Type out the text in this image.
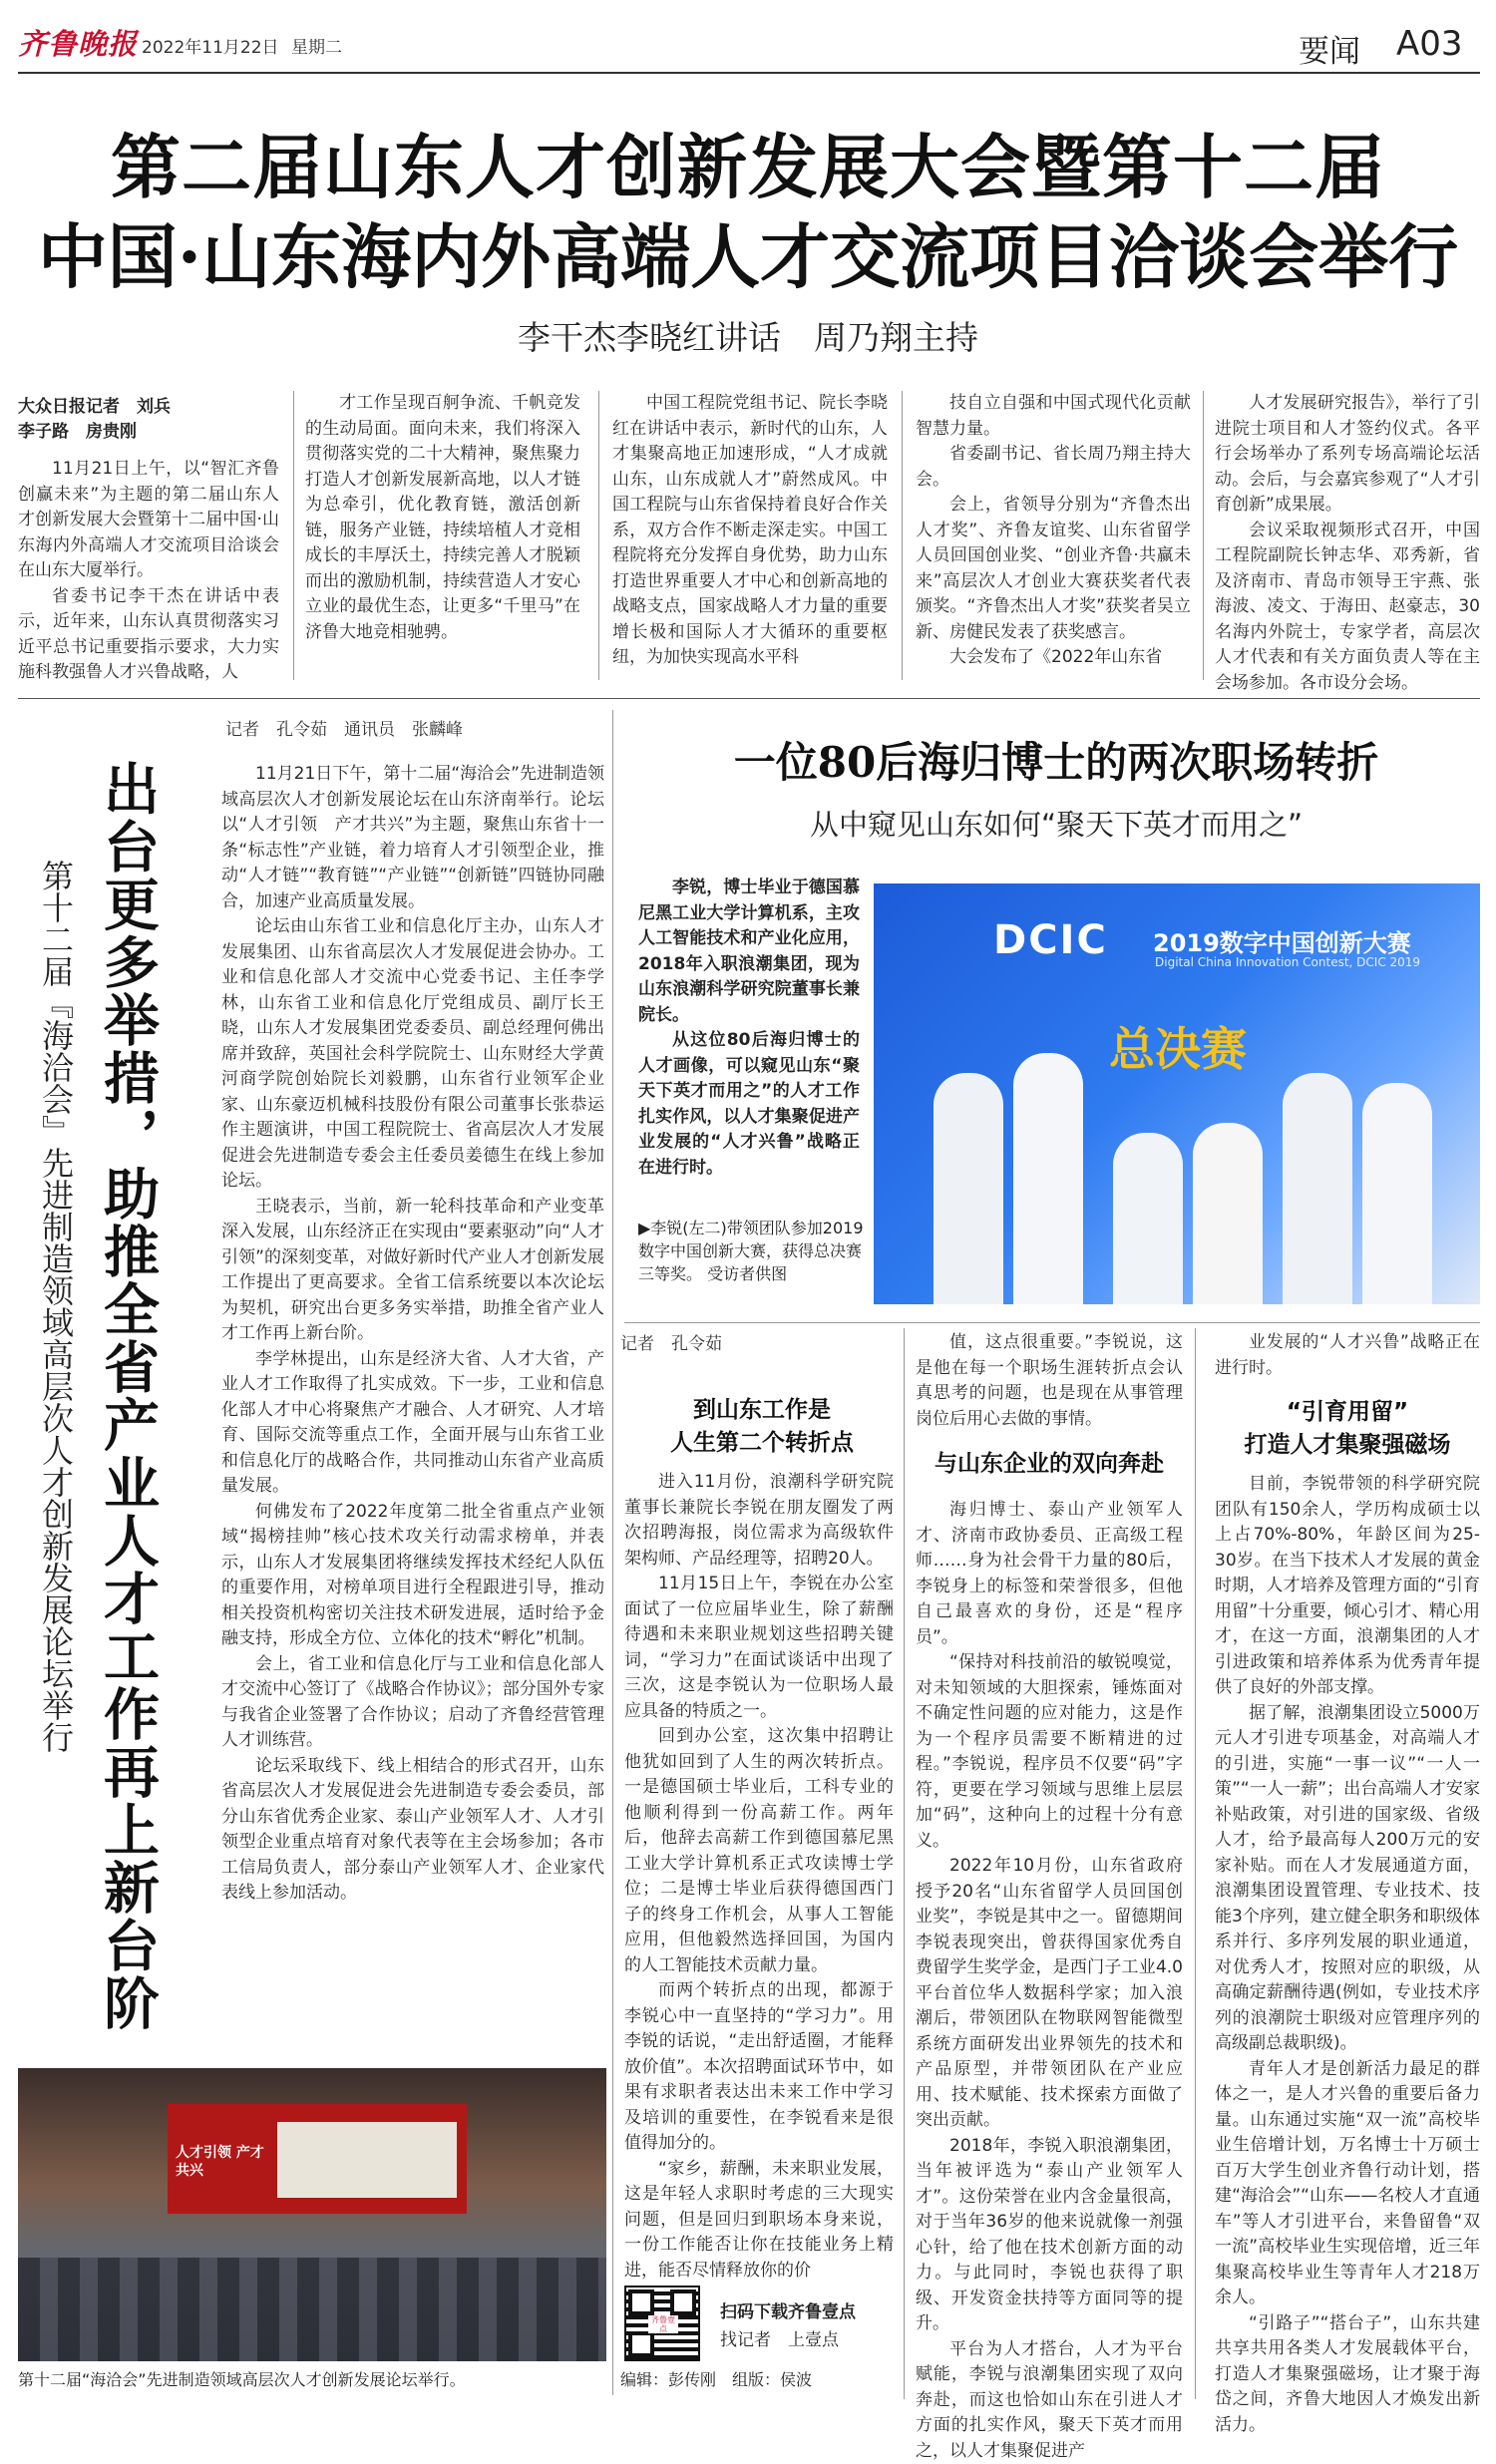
齐鲁晚报 2022年11月22日 星期二	要闻 A03
第二届山东人才创新发展大会暨第十二届
中国·山东海内外高端人才交流项目洽谈会举行
李干杰李晓红讲话　周乃翔主持
大众日报记者　刘兵
李子路　房贵刚

11月21日上午，以“智汇齐鲁 创赢未来”为主题的第二届山东人才创新发展大会暨第十二届中国·山东海内外高端人才交流项目洽谈会在山东大厦举行。

省委书记李干杰在讲话中表示，近年来，山东认真贯彻落实习近平总书记重要指示要求，大力实施科教强鲁人才兴鲁战略，人

才工作呈现百舸争流、千帆竞发的生动局面。面向未来，我们将深入贯彻落实党的二十大精神，聚焦聚力打造人才创新发展新高地，以人才链为总牵引，优化教育链，激活创新链，服务产业链，持续培植人才竞相成长的丰厚沃土，持续完善人才脱颖而出的激励机制，持续营造人才安心立业的最优生态，让更多“千里马”在济鲁大地竞相驰骋。

中国工程院党组书记、院长李晓红在讲话中表示，新时代的山东，人才集聚高地正加速形成，“人才成就山东，山东成就人才”蔚然成风。中国工程院与山东省保持着良好合作关系，双方合作不断走深走实。中国工程院将充分发挥自身优势，助力山东打造世界重要人才中心和创新高地的战略支点，国家战略人才力量的重要增长极和国际人才大循环的重要枢纽，为加快实现高水平科

技自立自强和中国式现代化贡献智慧力量。

省委副书记、省长周乃翔主持大会。

会上，省领导分别为“齐鲁杰出人才奖”、齐鲁友谊奖、山东省留学人员回国创业奖、“创业齐鲁·共赢未来”高层次人才创业大赛获奖者代表颁奖。“齐鲁杰出人才奖”获奖者吴立新、房健民发表了获奖感言。

大会发布了《2022年山东省

人才发展研究报告》，举行了引进院士项目和人才签约仪式。各平行会场举办了系列专场高端论坛活动。会后，与会嘉宾参观了“人才引育创新”成果展。

会议采取视频形式召开，中国工程院副院长钟志华、邓秀新，省及济南市、青岛市领导王宇燕、张海波、凌文、于海田、赵豪志，30名海内外院士，专家学者，高层次人才代表和有关方面负责人等在主会场参加。各市设分会场。

记者　孔令茹　通讯员　张麟峰
出台更多举措，助推全省产业人才工作再上新台阶
第十二届『海洽会』先进制造领域高层次人才创新发展论坛举行

11月21日下午，第十二届“海洽会”先进制造领域高层次人才创新发展论坛在山东济南举行。论坛以“人才引领　产才共兴”为主题，聚焦山东省十一条“标志性”产业链，着力培育人才引领型企业，推动“人才链”“教育链”“产业链”“创新链”四链协同融合，加速产业高质量发展。

论坛由山东省工业和信息化厅主办，山东人才发展集团、山东省高层次人才发展促进会协办。工业和信息化部人才交流中心党委书记、主任李学林，山东省工业和信息化厅党组成员、副厅长王晓，山东人才发展集团党委委员、副总经理何佛出席并致辞，英国社会科学院院士、山东财经大学黄河商学院创始院长刘毅鹏，山东省行业领军企业家、山东豪迈机械科技股份有限公司董事长张恭运作主题演讲，中国工程院院士、省高层次人才发展促进会先进制造专委会主任委员姜德生在线上参加论坛。

王晓表示，当前，新一轮科技革命和产业变革深入发展，山东经济正在实现由“要素驱动”向“人才引领”的深刻变革，对做好新时代产业人才创新发展工作提出了更高要求。全省工信系统要以本次论坛为契机，研究出台更多务实举措，助推全省产业人才工作再上新台阶。

李学林提出，山东是经济大省、人才大省，产业人才工作取得了扎实成效。下一步，工业和信息化部人才中心将聚焦产才融合、人才研究、人才培育、国际交流等重点工作，全面开展与山东省工业和信息化厅的战略合作，共同推动山东省产业高质量发展。

何佛发布了2022年度第二批全省重点产业领域“揭榜挂帅”核心技术攻关行动需求榜单，并表示，山东人才发展集团将继续发挥技术经纪人队伍的重要作用，对榜单项目进行全程跟进引导，推动相关投资机构密切关注技术研发进展，适时给予金融支持，形成全方位、立体化的技术“孵化”机制。

会上，省工业和信息化厅与工业和信息化部人才交流中心签订了《战略合作协议》；部分国外专家与我省企业签署了合作协议；启动了齐鲁经营管理人才训练营。

论坛采取线下、线上相结合的形式召开，山东省高层次人才发展促进会先进制造专委会委员，部分山东省优秀企业家、泰山产业领军人才、人才引领型企业重点培育对象代表等在主会场参加；各市工信局负责人，部分泰山产业领军人才、企业家代表线上参加活动。

人才引领 产才共兴
第十二届“海洽会”先进制造领域高层次人才创新发展论坛举行。
一位80后海归博士的两次职场转折
从中窥见山东如何“聚天下英才而用之”

李锐，博士毕业于德国慕尼黑工业大学计算机系，主攻人工智能技术和产业化应用，2018年入职浪潮集团，现为山东浪潮科学研究院董事长兼院长。

从这位80后海归博士的人才画像，可以窥见山东“聚天下英才而用之”的人才工作扎实作风，以人才集聚促进产业发展的“人才兴鲁”战略正在进行时。

DCIC 2019数字中国创新大赛
Digital China Innovation Contest, DCIC 2019
总决赛
▶李锐(左二)带领团队参加2019数字中国创新大赛，获得总决赛三等奖。 受访者供图
记者　孔令茹
到山东工作是
人生第二个转折点

进入11月份，浪潮科学研究院董事长兼院长李锐在朋友圈发了两次招聘海报，岗位需求为高级软件架构师、产品经理等，招聘20人。

11月15日上午，李锐在办公室面试了一位应届毕业生，除了薪酬待遇和未来职业规划这些招聘关键词，“学习力”在面试谈话中出现了三次，这是李锐认为一位职场人最应具备的特质之一。

回到办公室，这次集中招聘让他犹如回到了人生的两次转折点。一是德国硕士毕业后，工科专业的他顺利得到一份高薪工作。两年后，他辞去高薪工作到德国慕尼黑工业大学计算机系正式攻读博士学位；二是博士毕业后获得德国西门子的终身工作机会，从事人工智能应用，但他毅然选择回国，为国内的人工智能技术贡献力量。

而两个转折点的出现，都源于李锐心中一直坚持的“学习力”。用李锐的话说，“走出舒适圈，才能释放价值”。本次招聘面试环节中，如果有求职者表达出未来工作中学习及培训的重要性，在李锐看来是很值得加分的。

“家乡，薪酬，未来职业发展，这是年轻人求职时考虑的三大现实问题，但是回归到职场本身来说，一份工作能否让你在技能业务上精进，能否尽情释放你的价

值，这点很重要。”李锐说，这是他在每一个职场生涯转折点会认真思考的问题，也是现在从事管理岗位后用心去做的事情。

与山东企业的双向奔赴

海归博士、泰山产业领军人才、济南市政协委员、正高级工程师……身为社会骨干力量的80后，李锐身上的标签和荣誉很多，但他自己最喜欢的身份，还是“程序员”。

“保持对科技前沿的敏锐嗅觉，对未知领域的大胆探索，锤炼面对不确定性问题的应对能力，这是作为一个程序员需要不断精进的过程。”李锐说，程序员不仅要“码”字符，更要在学习领域与思维上层层加“码”，这种向上的过程十分有意义。

2022年10月份，山东省政府授予20名“山东省留学人员回国创业奖”，李锐是其中之一。留德期间李锐表现突出，曾获得国家优秀自费留学生奖学金，是西门子工业4.0平台首位华人数据科学家；加入浪潮后，带领团队在物联网智能微型系统方面研发出业界领先的技术和产品原型，并带领团队在产业应用、技术赋能、技术探索方面做了突出贡献。

2018年，李锐入职浪潮集团，当年被评选为“泰山产业领军人才”。这份荣誉在业内含金量很高，对于当年36岁的他来说就像一剂强心针，给了他在技术创新方面的动力。与此同时，李锐也获得了职级、开发资金扶持等方面同等的提升。

平台为人才搭台，人才为平台赋能，李锐与浪潮集团实现了双向奔赴，而这也恰如山东在引进人才方面的扎实作风，聚天下英才而用之，以人才集聚促进产

业发展的“人才兴鲁”战略正在进行时。

“引育用留”
打造人才集聚强磁场

目前，李锐带领的科学研究院团队有150余人，学历构成硕士以上占70%-80%，年龄区间为25-30岁。在当下技术人才发展的黄金时期，人才培养及管理方面的“引育用留”十分重要，倾心引才、精心用才，在这一方面，浪潮集团的人才引进政策和培养体系为优秀青年提供了良好的外部支撑。

据了解，浪潮集团设立5000万元人才引进专项基金，对高端人才的引进，实施“一事一议”“一人一策”“一人一薪”；出台高端人才安家补贴政策，对引进的国家级、省级人才，给予最高每人200万元的安家补贴。而在人才发展通道方面，浪潮集团设置管理、专业技术、技能3个序列，建立健全职务和职级体系并行、多序列发展的职业通道，对优秀人才，按照对应的职级，从高确定薪酬待遇(例如，专业技术序列的浪潮院士职级对应管理序列的高级副总裁职级)。

青年人才是创新活力最足的群体之一，是人才兴鲁的重要后备力量。山东通过实施“双一流”高校毕业生倍增计划，万名博士十万硕士百万大学生创业齐鲁行动计划，搭建“海洽会”“山东——名校人才直通车”等人才引进平台，来鲁留鲁“双一流”高校毕业生实现倍增，近三年集聚高校毕业生等青年人才218万余人。

“引路子”“搭台子”，山东共建共享共用各类人才发展载体平台，打造人才集聚强磁场，让才聚于海岱之间，齐鲁大地因人才焕发出新活力。

齐鲁壹点
扫码下载齐鲁壹点
找记者　上壹点
编辑：彭传刚　组版：侯波
